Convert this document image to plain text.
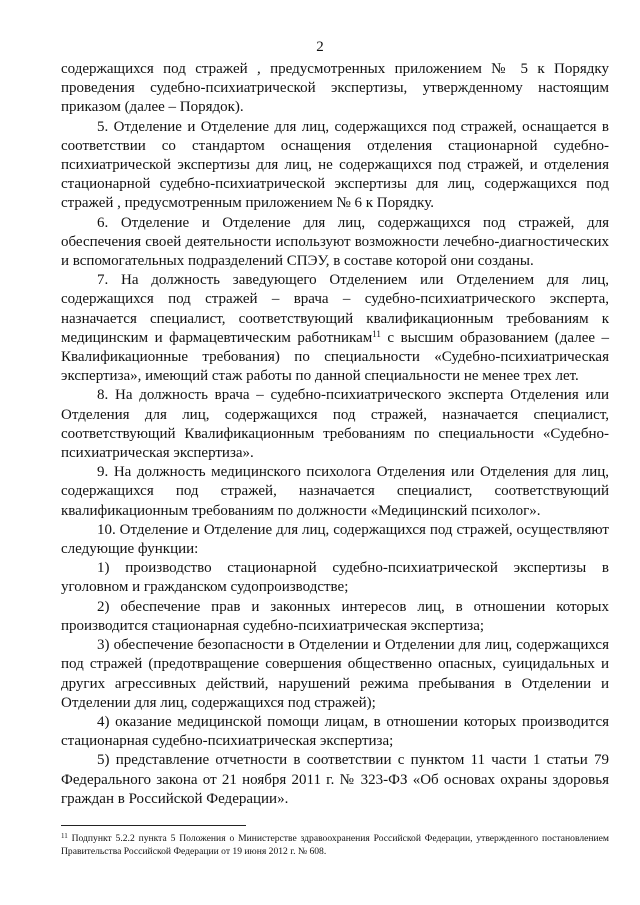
2

содержащихся под стражей , предусмотренных приложением № 5 к Порядку проведения судебно-психиатрической экспертизы, утвержденному настоящим приказом (далее – Порядок).

5. Отделение и Отделение для лиц, содержащихся под стражей, оснащается в соответствии со стандартом оснащения отделения стационарной судебно-психиатрической экспертизы для лиц, не содержащихся под стражей, и отделения стационарной судебно-психиатрической экспертизы для лиц, содержащихся под стражей , предусмотренным приложением № 6 к Порядку.

6. Отделение и Отделение для лиц, содержащихся под стражей, для обеспечения своей деятельности используют возможности лечебно-диагностических и вспомогательных подразделений СПЭУ, в составе которой они созданы.

7. На должность заведующего Отделением или Отделением для лиц, содержащихся под стражей – врача – судебно-психиатрического эксперта, назначается специалист, соответствующий квалификационным требованиям к медицинским и фармацевтическим работникам$^{11}$ с высшим образованием (далее – Квалификационные требования) по специальности «Судебно-психиатрическая экспертиза», имеющий стаж работы по данной специальности не менее трех лет.

8. На должность врача – судебно-психиатрического эксперта Отделения или Отделения для лиц, содержащихся под стражей, назначается специалист, соответствующий Квалификационным требованиям по специальности «Судебно-психиатрическая экспертиза».

9. На должность медицинского психолога Отделения или Отделения для лиц, содержащихся под стражей, назначается специалист, соответствующий квалификационным требованиям по должности «Медицинский психолог».

10. Отделение и Отделение для лиц, содержащихся под стражей, осуществляют следующие функции:

1) производство стационарной судебно-психиатрической экспертизы в уголовном и гражданском судопроизводстве;

2) обеспечение прав и законных интересов лиц, в отношении которых производится стационарная судебно-психиатрическая экспертиза;

3) обеспечение безопасности в Отделении и Отделении для лиц, содержащихся под стражей (предотвращение совершения общественно опасных, суицидальных и других агрессивных действий, нарушений режима пребывания в Отделении и Отделении для лиц, содержащихся под стражей);

4) оказание медицинской помощи лицам, в отношении которых производится стационарная судебно-психиатрическая экспертиза;

5) представление отчетности в соответствии с пунктом 11 части 1 статьи 79 Федерального закона от 21 ноября 2011 г. № 323-ФЗ «Об основах охраны здоровья граждан в Российской Федерации».

$^{11}$ Подпункт 5.2.2 пункта 5 Положения о Министерстве здравоохранения Российской Федерации, утвержденного постановлением Правительства Российской Федерации от 19 июня 2012 г. № 608.
